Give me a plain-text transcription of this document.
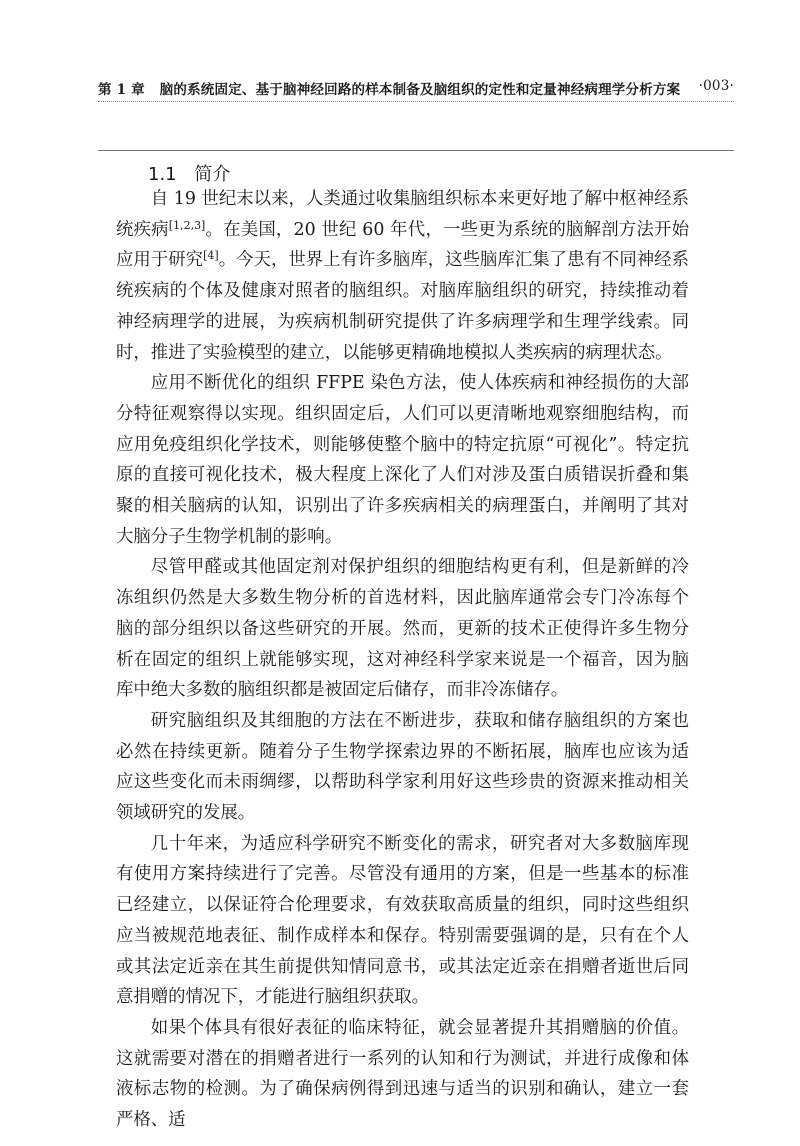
第 1 章 脑的系统固定、基于脑神经回路的样本制备及脑组织的定性和定量神经病理学分析方案 ·003·
1.1 简介

自 19 世纪末以来，人类通过收集脑组织标本来更好地了解中枢神经系统疾病[1,2,3]。在美国，20 世纪 60 年代，一些更为系统的脑解剖方法开始应用于研究[4]。今天，世界上有许多脑库，这些脑库汇集了患有不同神经系统疾病的个体及健康对照者的脑组织。对脑库脑组织的研究，持续推动着神经病理学的进展，为疾病机制研究提供了许多病理学和生理学线索。同时，推进了实验模型的建立，以能够更精确地模拟人类疾病的病理状态。

应用不断优化的组织 FFPE 染色方法，使人体疾病和神经损伤的大部分特征观察得以实现。组织固定后，人们可以更清晰地观察细胞结构，而应用免疫组织化学技术，则能够使整个脑中的特定抗原“可视化”。特定抗原的直接可视化技术，极大程度上深化了人们对涉及蛋白质错误折叠和集聚的相关脑病的认知，识别出了许多疾病相关的病理蛋白，并阐明了其对大脑分子生物学机制的影响。

尽管甲醛或其他固定剂对保护组织的细胞结构更有利，但是新鲜的冷冻组织仍然是大多数生物分析的首选材料，因此脑库通常会专门冷冻每个脑的部分组织以备这些研究的开展。然而，更新的技术正使得许多生物分析在固定的组织上就能够实现，这对神经科学家来说是一个福音，因为脑库中绝大多数的脑组织都是被固定后储存，而非冷冻储存。

研究脑组织及其细胞的方法在不断进步，获取和储存脑组织的方案也必然在持续更新。随着分子生物学探索边界的不断拓展，脑库也应该为适应这些变化而未雨绸缪，以帮助科学家利用好这些珍贵的资源来推动相关领域研究的发展。

几十年来，为适应科学研究不断变化的需求，研究者对大多数脑库现有使用方案持续进行了完善。尽管没有通用的方案，但是一些基本的标准已经建立，以保证符合伦理要求，有效获取高质量的组织，同时这些组织应当被规范地表征、制作成样本和保存。特别需要强调的是，只有在个人或其法定近亲在其生前提供知情同意书，或其法定近亲在捐赠者逝世后同意捐赠的情况下，才能进行脑组织获取。

如果个体具有很好表征的临床特征，就会显著提升其捐赠脑的价值。这就需要对潜在的捐赠者进行一系列的认知和行为测试，并进行成像和体液标志物的检测。为了确保病例得到迅速与适当的识别和确认，建立一套严格、适
